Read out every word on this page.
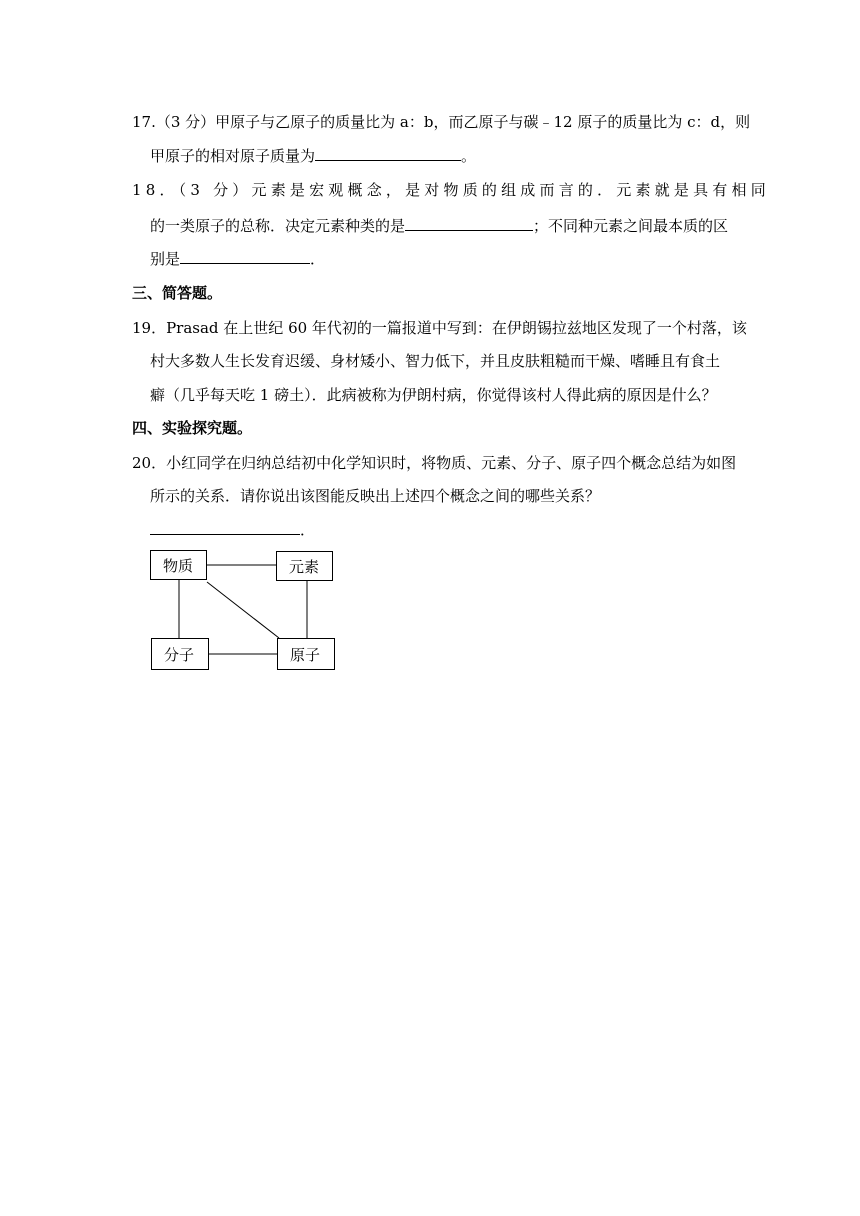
17.（3 分）甲原子与乙原子的质量比为 a：b，而乙原子与碳﹣12 原子的质量比为 c：d，则
甲原子的相对原子质量为	。
18．（3 分）元素是宏观概念，是对物质的组成而言的．元素就是具有相同
的一类原子的总称．决定元素种类的是	；不同种元素之间最本质的区
别是	．
三、简答题。
19．Prasad 在上世纪 60 年代初的一篇报道中写到：在伊朗锡拉兹地区发现了一个村落，该
村大多数人生长发育迟缓、身材矮小、智力低下，并且皮肤粗糙而干燥、嗜睡且有食土
癖（几乎每天吃 1 磅土）．此病被称为伊朗村病，你觉得该村人得此病的原因是什么？
四、实验探究题。
20．小红同学在归纳总结初中化学知识时，将物质、元素、分子、原子四个概念总结为如图
所示的关系．请你说出该图能反映出上述四个概念之间的哪些关系？
．
物质	元素
分子	原子
